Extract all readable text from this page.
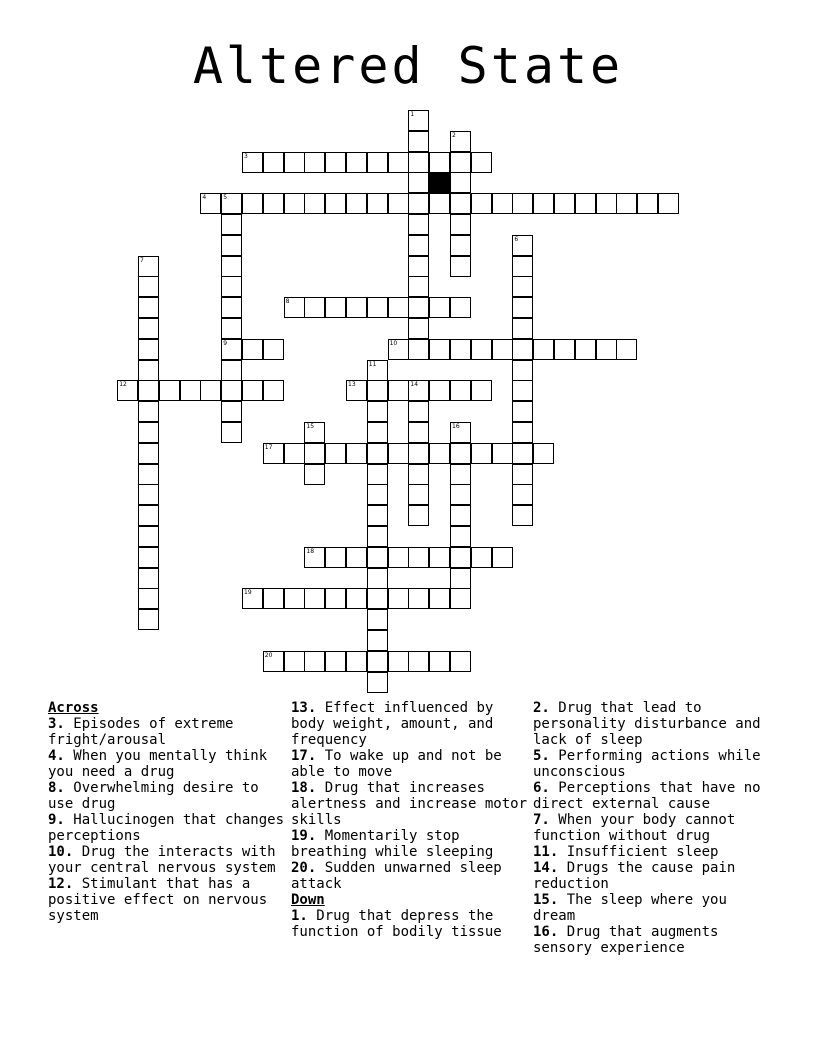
Altered State
1
2
3
4	5
9
6
7
8
10
11
12	13	14
15	16
17
18
19
20
Across
3. Episodes of extreme fright/arousal
4. When you mentally think you need a drug
8. Overwhelming desire to use drug
9. Hallucinogen that changes perceptions
10. Drug the interacts with your central nervous system
12. Stimulant that has a positive effect on nervous system
13. Effect influenced by body weight, amount, and frequency
17. To wake up and not be able to move
18. Drug that increases alertness and increase motor skills
19. Momentarily stop breathing while sleeping
20. Sudden unwarned sleep attack
Down
1. Drug that depress the function of bodily tissue
2. Drug that lead to personality disturbance and lack of sleep
5. Performing actions while unconscious
6. Perceptions that have no direct external cause
7. When your body cannot function without drug
11. Insufficient sleep
14. Drugs the cause pain reduction
15. The sleep where you dream
16. Drug that augments sensory experience
